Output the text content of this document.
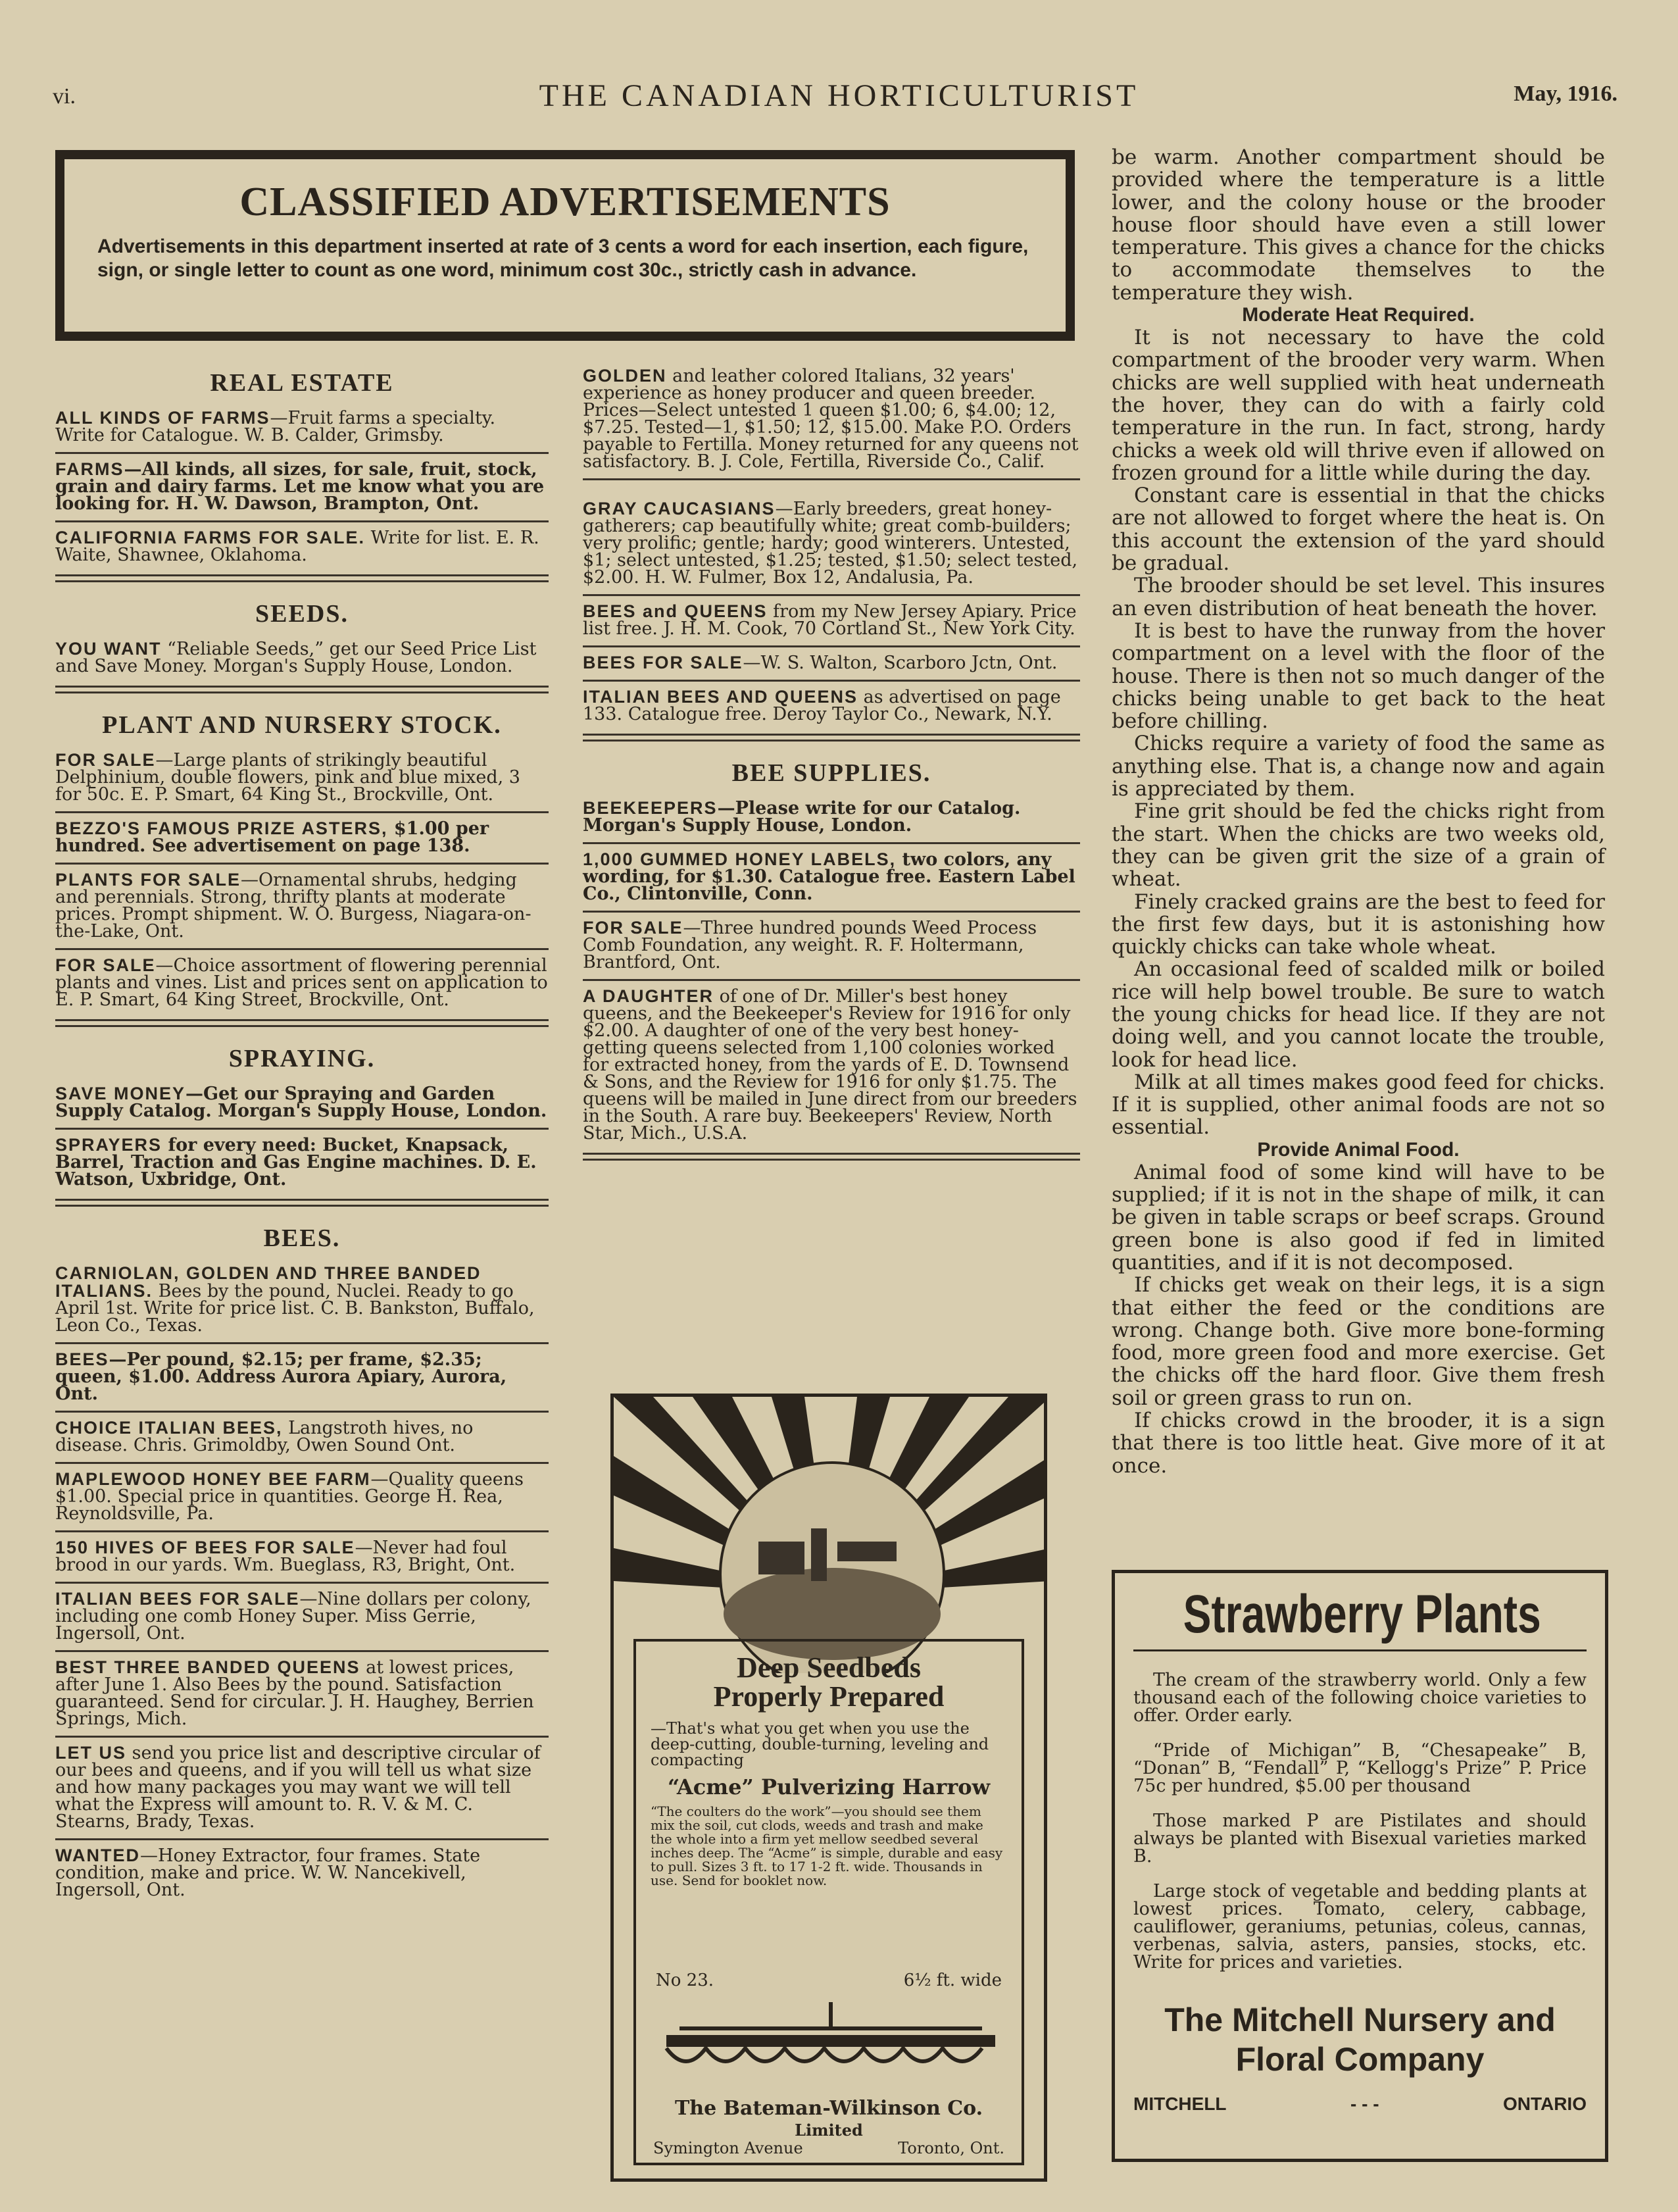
vi.	THE CANADIAN HORTICULTURIST	May, 1916.
CLASSIFIED ADVERTISEMENTS

Advertisements in this department inserted at rate of 3 cents a word for each insertion, each figure, sign, or single letter to count as one word, minimum cost 30c., strictly cash in advance.

REAL ESTATE
ALL KINDS OF FARMS—Fruit farms a specialty. Write for Catalogue. W. B. Calder, Grimsby.
FARMS—All kinds, all sizes, for sale, fruit, stock, grain and dairy farms. Let me know what you are looking for. H. W. Dawson, Brampton, Ont.
CALIFORNIA FARMS FOR SALE. Write for list. E. R. Waite, Shawnee, Oklahoma.
SEEDS.
YOU WANT “Reliable Seeds,” get our Seed Price List and Save Money. Morgan's Supply House, London.
PLANT AND NURSERY STOCK.
FOR SALE—Large plants of strikingly beautiful Delphinium, double flowers, pink and blue mixed, 3 for 50c. E. P. Smart, 64 King St., Brockville, Ont.
BEZZO'S FAMOUS PRIZE ASTERS, $1.00 per hundred. See advertisement on page 138.
PLANTS FOR SALE—Ornamental shrubs, hedging and perennials. Strong, thrifty plants at moderate prices. Prompt shipment. W. O. Burgess, Niagara-on-the-Lake, Ont.
FOR SALE—Choice assortment of flowering perennial plants and vines. List and prices sent on application to E. P. Smart, 64 King Street, Brockville, Ont.
SPRAYING.
SAVE MONEY—Get our Spraying and Garden Supply Catalog. Morgan's Supply House, London.
SPRAYERS for every need: Bucket, Knapsack, Barrel, Traction and Gas Engine machines. D. E. Watson, Uxbridge, Ont.
BEES.
CARNIOLAN, GOLDEN AND THREE BANDED ITALIANS. Bees by the pound, Nuclei. Ready to go April 1st. Write for price list. C. B. Bankston, Buffalo, Leon Co., Texas.
BEES—Per pound, $2.15; per frame, $2.35; queen, $1.00. Address Aurora Apiary, Aurora, Ont.
CHOICE ITALIAN BEES, Langstroth hives, no disease. Chris. Grimoldby, Owen Sound Ont.
MAPLEWOOD HONEY BEE FARM—Quality queens $1.00. Special price in quantities. George H. Rea, Reynoldsville, Pa.
150 HIVES OF BEES FOR SALE—Never had foul brood in our yards. Wm. Bueglass, R3, Bright, Ont.
ITALIAN BEES FOR SALE—Nine dollars per colony, including one comb Honey Super. Miss Gerrie, Ingersoll, Ont.
BEST THREE BANDED QUEENS at lowest prices, after June 1. Also Bees by the pound. Satisfaction guaranteed. Send for circular. J. H. Haughey, Berrien Springs, Mich.
LET US send you price list and descriptive circular of our bees and queens, and if you will tell us what size and how many packages you may want we will tell what the Express will amount to. R. V. & M. C. Stearns, Brady, Texas.
WANTED—Honey Extractor, four frames. State condition, make and price. W. W. Nancekivell, Ingersoll, Ont.
GOLDEN and leather colored Italians, 32 years' experience as honey producer and queen breeder. Prices—Select untested 1 queen $1.00; 6, $4.00; 12, $7.25. Tested—1, $1.50; 12, $15.00. Make P.O. Orders payable to Fertilla. Money returned for any queens not satisfactory. B. J. Cole, Fertilla, Riverside Co., Calif.
GRAY CAUCASIANS—Early breeders, great honey-gatherers; cap beautifully white; great comb-builders; very prolific; gentle; hardy; good winterers. Untested, $1; select untested, $1.25; tested, $1.50; select tested, $2.00. H. W. Fulmer, Box 12, Andalusia, Pa.
BEES and QUEENS from my New Jersey Apiary. Price list free. J. H. M. Cook, 70 Cortland St., New York City.
BEES FOR SALE—W. S. Walton, Scarboro Jctn, Ont.
ITALIAN BEES AND QUEENS as advertised on page 133. Catalogue free. Deroy Taylor Co., Newark, N.Y.
BEE SUPPLIES.
BEEKEEPERS—Please write for our Catalog. Morgan's Supply House, London.
1,000 GUMMED HONEY LABELS, two colors, any wording, for $1.30. Catalogue free. Eastern Label Co., Clintonville, Conn.
FOR SALE—Three hundred pounds Weed Process Comb Foundation, any weight. R. F. Holtermann, Brantford, Ont.
A DAUGHTER of one of Dr. Miller's best honey queens, and the Beekeeper's Review for 1916 for only $2.00. A daughter of one of the very best honey-getting queens selected from 1,100 colonies worked for extracted honey, from the yards of E. D. Townsend & Sons, and the Review for 1916 for only $1.75. The queens will be mailed in June direct from our breeders in the South. A rare buy. Beekeepers' Review, North Star, Mich., U.S.A.
Deep Seedbeds
Properly Prepared
—That's what you get when you use the deep-cutting, double-turning, leveling and compacting
“Acme” Pulverizing Harrow
“The coulters do the work”—you should see them mix the soil, cut clods, weeds and trash and make the whole into a firm yet mellow seedbed several inches deep. The “Acme” is simple, durable and easy to pull. Sizes 3 ft. to 17 1-2 ft. wide. Thousands in use. Send for booklet now.
No 23.	6½ ft. wide
The Bateman-Wilkinson Co.
Limited
Symington Avenue	Toronto, Ont.

be warm. Another compartment should be provided where the temperature is a little lower, and the colony house or the brooder house floor should have even a still lower temperature. This gives a chance for the chicks to accommodate themselves to the temperature they wish.

Moderate Heat Required.

It is not necessary to have the cold compartment of the brooder very warm. When chicks are well supplied with heat underneath the hover, they can do with a fairly cold temperature in the run. In fact, strong, hardy chicks a week old will thrive even if allowed on frozen ground for a little while during the day.

Constant care is essential in that the chicks are not allowed to forget where the heat is. On this account the extension of the yard should be gradual.

The brooder should be set level. This insures an even distribution of heat beneath the hover.

It is best to have the runway from the hover compartment on a level with the floor of the house. There is then not so much danger of the chicks being unable to get back to the heat before chilling.

Chicks require a variety of food the same as anything else. That is, a change now and again is appreciated by them.

Fine grit should be fed the chicks right from the start. When the chicks are two weeks old, they can be given grit the size of a grain of wheat.

Finely cracked grains are the best to feed for the first few days, but it is astonishing how quickly chicks can take whole wheat.

An occasional feed of scalded milk or boiled rice will help bowel trouble. Be sure to watch the young chicks for head lice. If they are not doing well, and you cannot locate the trouble, look for head lice.

Milk at all times makes good feed for chicks. If it is supplied, other animal foods are not so essential.

Provide Animal Food.

Animal food of some kind will have to be supplied; if it is not in the shape of milk, it can be given in table scraps or beef scraps. Ground green bone is also good if fed in limited quantities, and if it is not decomposed.

If chicks get weak on their legs, it is a sign that either the feed or the conditions are wrong. Change both. Give more bone-forming food, more green food and more exercise. Get the chicks off the hard floor. Give them fresh soil or green grass to run on.

If chicks crowd in the brooder, it is a sign that there is too little heat. Give more of it at once.

Strawberry Plants

The cream of the strawberry world. Only a few thousand each of the following choice varieties to offer. Order early.

“Pride of Michigan” B, “Chesapeake” B, “Donan” B, “Fendall” P, “Kellogg's Prize” P. Price 75c per hundred, $5.00 per thousand

Those marked P are Pistilates and should always be planted with Bisexual varieties marked B.

Large stock of vegetable and bedding plants at lowest prices. Tomato, celery, cabbage, cauliflower, geraniums, petunias, coleus, cannas, verbenas, salvia, asters, pansies, stocks, etc. Write for prices and varieties.

The Mitchell Nursery and Floral Company
MITCHELL	- - -	ONTARIO
